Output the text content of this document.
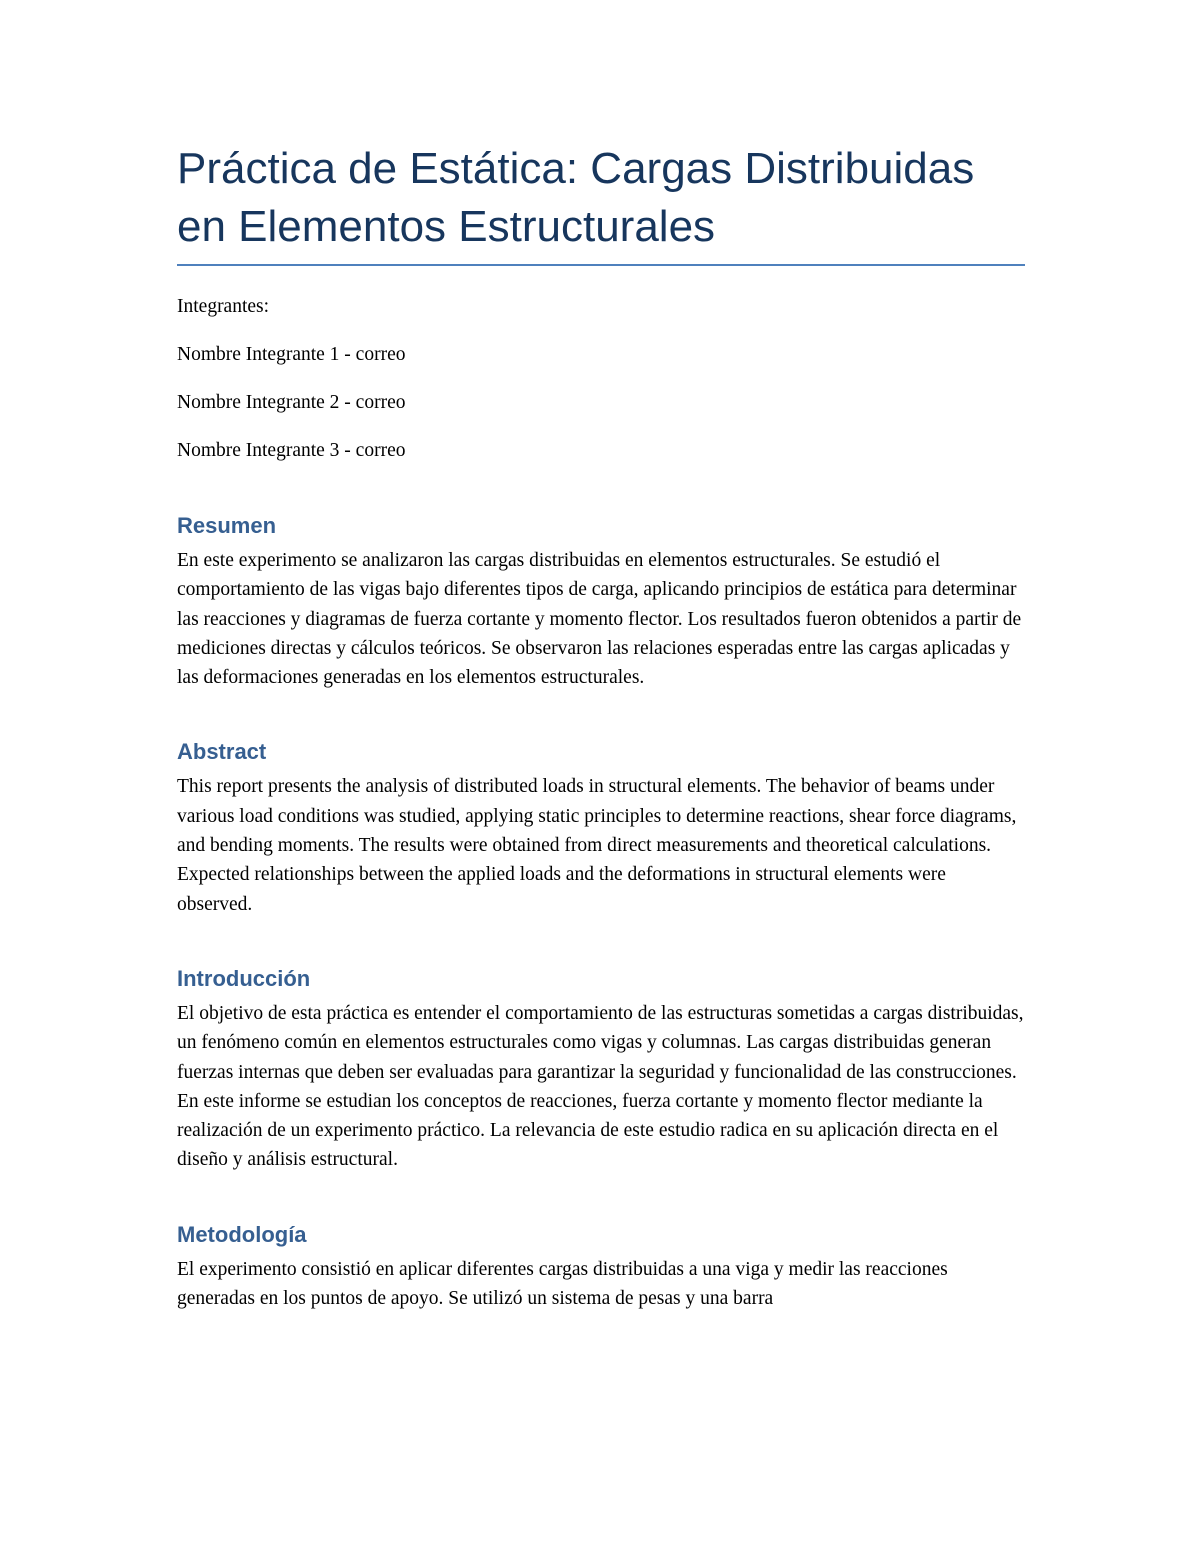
Práctica de Estática: Cargas Distribuidas en Elementos Estructurales

Integrantes:

Nombre Integrante 1 - correo

Nombre Integrante 2 - correo

Nombre Integrante 3 - correo

Resumen

En este experimento se analizaron las cargas distribuidas en elementos estructurales. Se estudió el comportamiento de las vigas bajo diferentes tipos de carga, aplicando principios de estática para determinar las reacciones y diagramas de fuerza cortante y momento flector. Los resultados fueron obtenidos a partir de mediciones directas y cálculos teóricos. Se observaron las relaciones esperadas entre las cargas aplicadas y las deformaciones generadas en los elementos estructurales.

Abstract

This report presents the analysis of distributed loads in structural elements. The behavior of beams under various load conditions was studied, applying static principles to determine reactions, shear force diagrams, and bending moments. The results were obtained from direct measurements and theoretical calculations. Expected relationships between the applied loads and the deformations in structural elements were observed.

Introducción

El objetivo de esta práctica es entender el comportamiento de las estructuras sometidas a cargas distribuidas, un fenómeno común en elementos estructurales como vigas y columnas. Las cargas distribuidas generan fuerzas internas que deben ser evaluadas para garantizar la seguridad y funcionalidad de las construcciones. En este informe se estudian los conceptos de reacciones, fuerza cortante y momento flector mediante la realización de un experimento práctico. La relevancia de este estudio radica en su aplicación directa en el diseño y análisis estructural.

Metodología

El experimento consistió en aplicar diferentes cargas distribuidas a una viga y medir las reacciones generadas en los puntos de apoyo. Se utilizó un sistema de pesas y una barra
